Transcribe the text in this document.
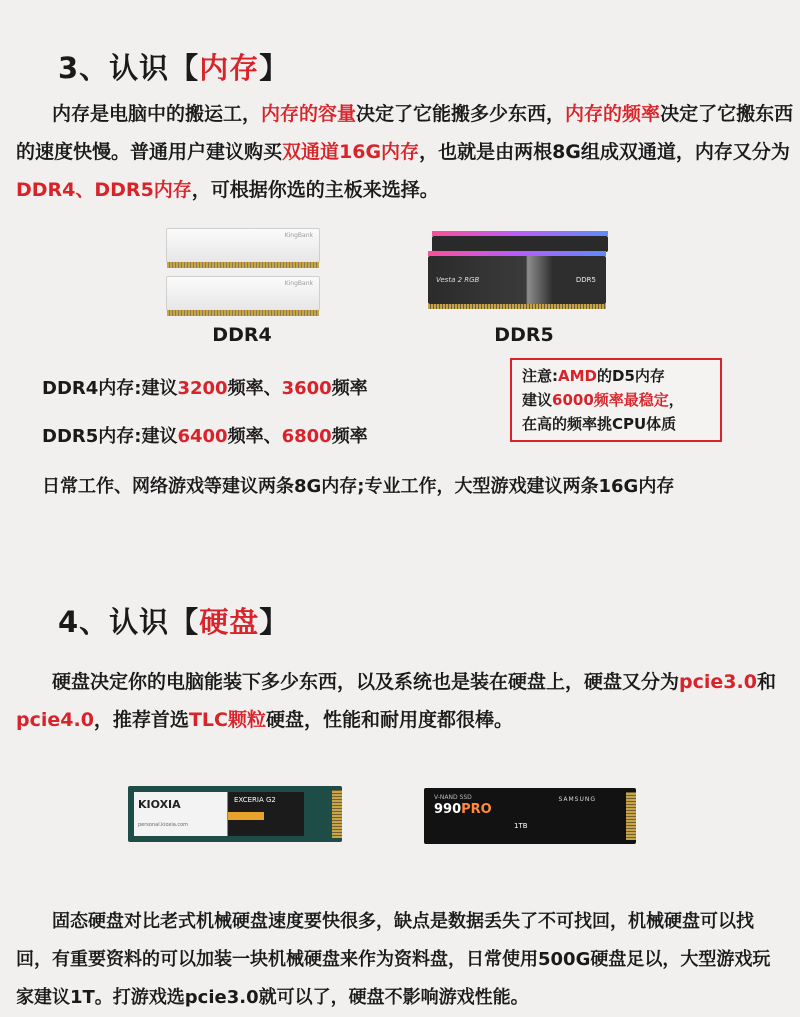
3、认识【内存】
内存是电脑中的搬运工，内存的容量决定了它能搬多少东西，内存的频率决定了它搬东西的速度快慢。普通用户建议购买双通道16G内存，也就是由两根8G组成双通道，内存又分为DDR4、DDR5内存，可根据你选的主板来选择。
KingBank
KingBank	Vesta 2 RGB	DDR5
DDR4	DDR5
DDR4内存:建议3200频率、3600频率
DDR5内存:建议6400频率、6800频率
注意:AMD的D5内存
建议6000频率最稳定，
在高的频率挑CPU体质
日常工作、网络游戏等建议两条8G内存;专业工作，大型游戏建议两条16G内存
4、认识【硬盘】
硬盘决定你的电脑能装下多少东西，以及系统也是装在硬盘上，硬盘又分为pcie3.0和pcie4.0，推荐首选TLC颗粒硬盘，性能和耐用度都很棒。
KIOXIA
personal.kioxia.com
EXCERIA G2	V-NAND SSD	SAMSUNG
990PRO
1TB
固态硬盘对比老式机械硬盘速度要快很多，缺点是数据丢失了不可找回，机械硬盘可以找回，有重要资料的可以加装一块机械硬盘来作为资料盘，日常使用500G硬盘足以，大型游戏玩家建议1T。打游戏选pcie3.0就可以了，硬盘不影响游戏性能。
